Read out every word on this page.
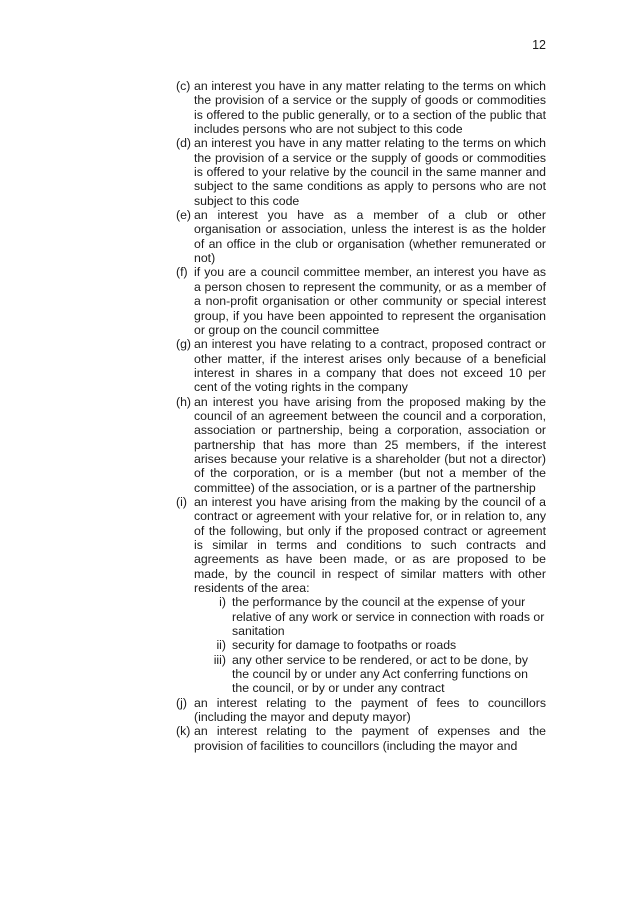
12
(c) an interest you have in any matter relating to the terms on which the provision of a service or the supply of goods or commodities is offered to the public generally, or to a section of the public that includes persons who are not subject to this code
(d) an interest you have in any matter relating to the terms on which the provision of a service or the supply of goods or commodities is offered to your relative by the council in the same manner and subject to the same conditions as apply to persons who are not subject to this code
(e) an interest you have as a member of a club or other organisation or association, unless the interest is as the holder of an office in the club or organisation (whether remunerated or not)
(f) if you are a council committee member, an interest you have as a person chosen to represent the community, or as a member of a non-profit organisation or other community or special interest group, if you have been appointed to represent the organisation or group on the council committee
(g) an interest you have relating to a contract, proposed contract or other matter, if the interest arises only because of a beneficial interest in shares in a company that does not exceed 10 per cent of the voting rights in the company
(h) an interest you have arising from the proposed making by the council of an agreement between the council and a corporation, association or partnership, being a corporation, association or partnership that has more than 25 members, if the interest arises because your relative is a shareholder (but not a director) of the corporation, or is a member (but not a member of the committee) of the association, or is a partner of the partnership
(i) an interest you have arising from the making by the council of a contract or agreement with your relative for, or in relation to, any of the following, but only if the proposed contract or agreement is similar in terms and conditions to such contracts and agreements as have been made, or as are proposed to be made, by the council in respect of similar matters with other residents of the area:
i) the performance by the council at the expense of your relative of any work or service in connection with roads or sanitation
ii) security for damage to footpaths or roads
iii) any other service to be rendered, or act to be done, by the council by or under any Act conferring functions on the council, or by or under any contract
(j) an interest relating to the payment of fees to councillors (including the mayor and deputy mayor)
(k) an interest relating to the payment of expenses and the provision of facilities to councillors (including the mayor and
